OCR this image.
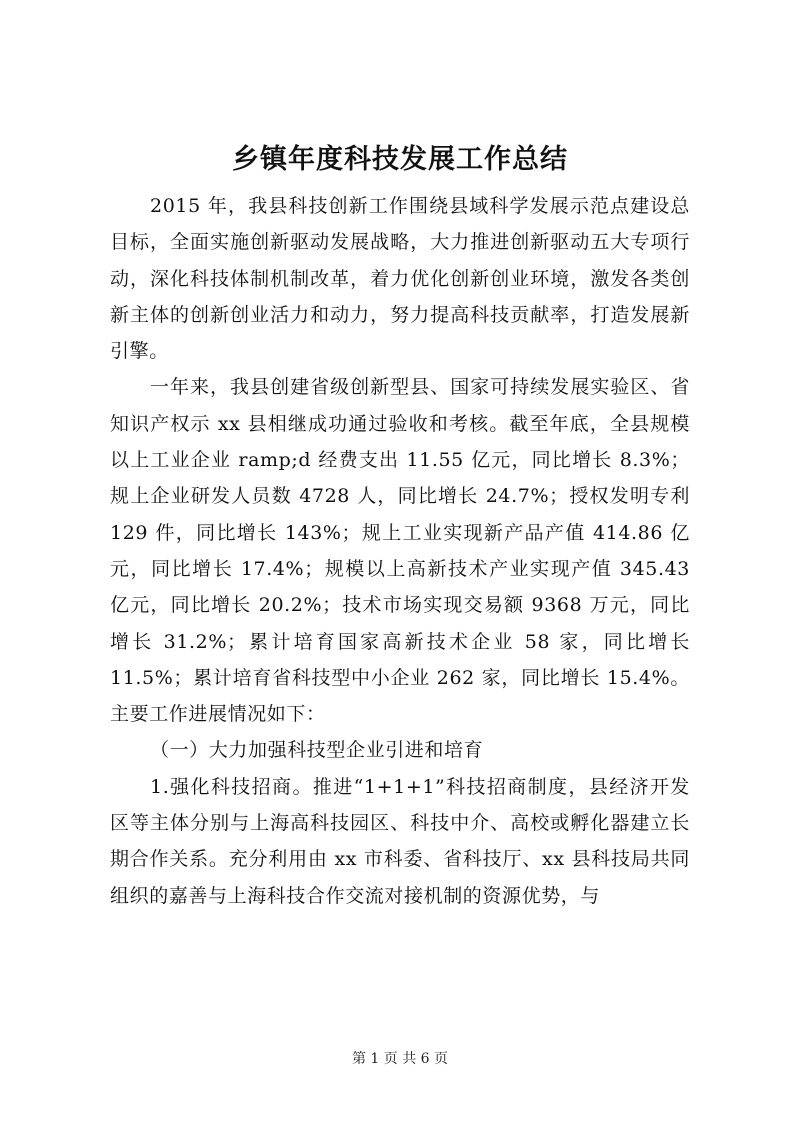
乡镇年度科技发展工作总结

2015 年，我县科技创新工作围绕县域科学发展示范点建设总目标，全面实施创新驱动发展战略，大力推进创新驱动五大专项行动，深化科技体制机制改革，着力优化创新创业环境，激发各类创新主体的创新创业活力和动力，努力提高科技贡献率，打造发展新引擎。

一年来，我县创建省级创新型县、国家可持续发展实验区、省知识产权示 xx 县相继成功通过验收和考核。截至年底，全县规模以上工业企业 ramp;d 经费支出 11.55 亿元，同比增长 8.3%；规上企业研发人员数 4728 人，同比增长 24.7%；授权发明专利 129 件，同比增长 143%；规上工业实现新产品产值 414.86 亿元，同比增长 17.4%；规模以上高新技术产业实现产值 345.43 亿元，同比增长 20.2%；技术市场实现交易额 9368 万元，同比增长 31.2%；累计培育国家高新技术企业 58 家，同比增长 11.5%；累计培育省科技型中小企业 262 家，同比增长 15.4%。主要工作进展情况如下：

（一）大力加强科技型企业引进和培育

1.强化科技招商。推进“1+1+1”科技招商制度，县经济开发区等主体分别与上海高科技园区、科技中介、高校或孵化器建立长期合作关系。充分利用由 xx 市科委、省科技厅、xx 县科技局共同组织的嘉善与上海科技合作交流对接机制的资源优势，与

第 1 页 共 6 页
